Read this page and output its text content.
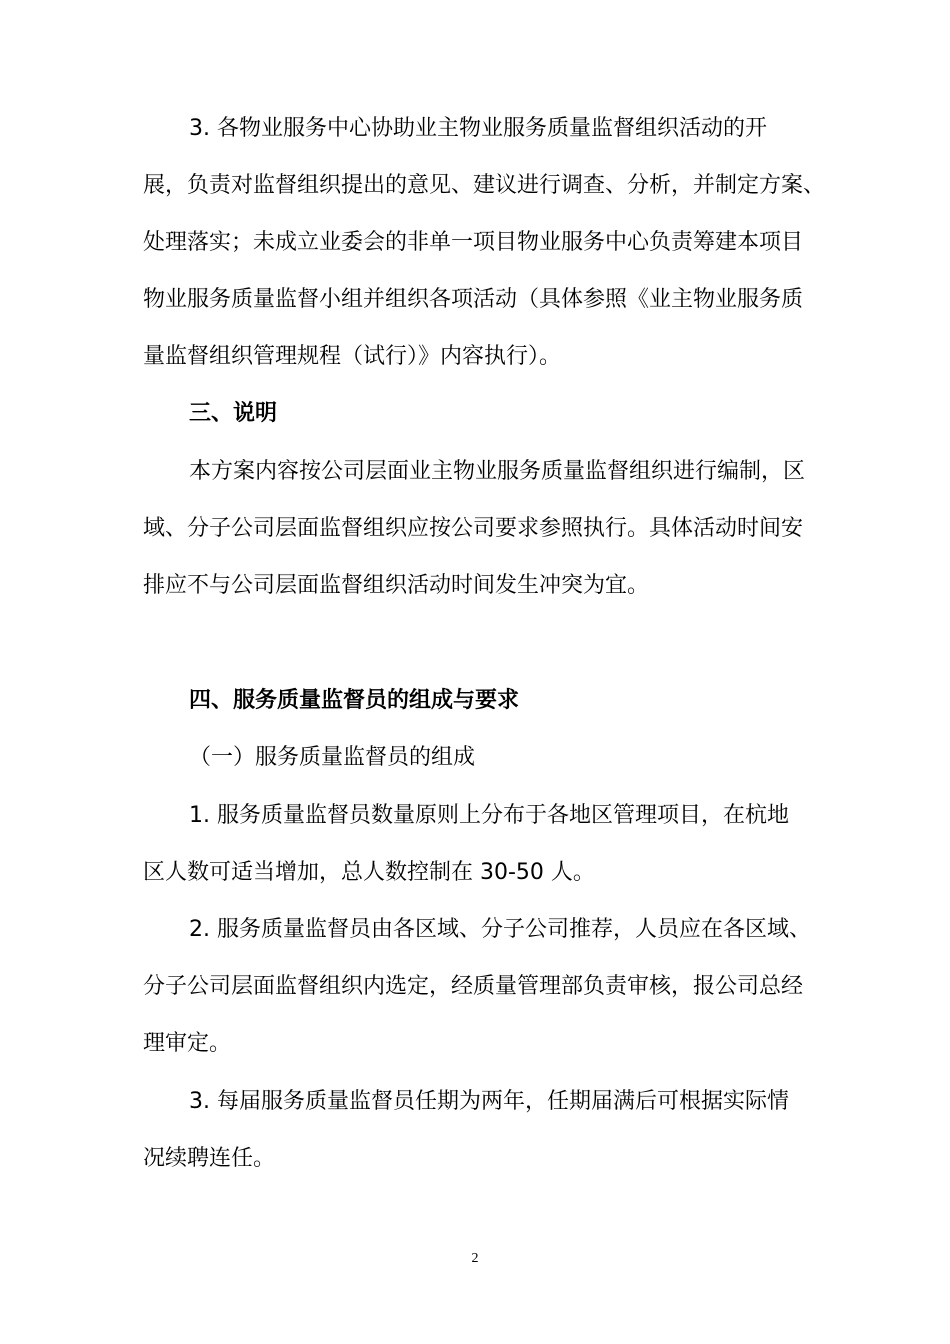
3. 各物业服务中心协助业主物业服务质量监督组织活动的开
展，负责对监督组织提出的意见、建议进行调查、分析，并制定方案、
处理落实；未成立业委会的非单一项目物业服务中心负责筹建本项目
物业服务质量监督小组并组织各项活动（具体参照《业主物业服务质
量监督组织管理规程（试行）》内容执行）。
三、说明
本方案内容按公司层面业主物业服务质量监督组织进行编制，区
域、分子公司层面监督组织应按公司要求参照执行。具体活动时间安
排应不与公司层面监督组织活动时间发生冲突为宜。
四、服务质量监督员的组成与要求
（一）服务质量监督员的组成
1. 服务质量监督员数量原则上分布于各地区管理项目，在杭地
区人数可适当增加，总人数控制在 30-50 人。
2. 服务质量监督员由各区域、分子公司推荐，人员应在各区域、
分子公司层面监督组织内选定，经质量管理部负责审核，报公司总经
理审定。
3. 每届服务质量监督员任期为两年，任期届满后可根据实际情
况续聘连任。
2
